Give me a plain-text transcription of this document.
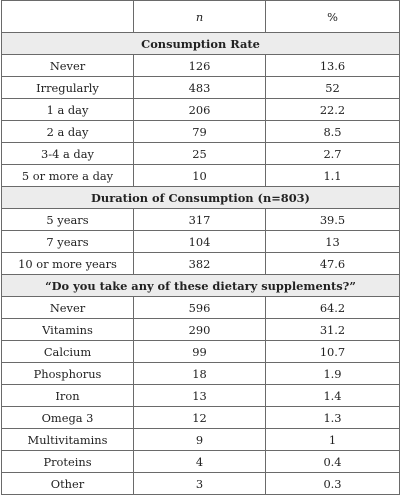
	n	%
Consumption Rate		
Never	126	13.6
Irregularly	483	52
1 a day	206	22.2
2 a day	79	8.5
3-4 a day	25	2.7
5 or more a day	10	1.1
Duration of Consumption (n=803)		
5 years	317	39.5
7 years	104	13
10 or more years	382	47.6
“Do you take any of these dietary supplements?”		
Never	596	64.2
Vitamins	290	31.2
Calcium	99	10.7
Phosphorus	18	1.9
Iron	13	1.4
Omega 3	12	1.3
Multivitamins	9	1
Proteins	4	0.4
Other	3	0.3
